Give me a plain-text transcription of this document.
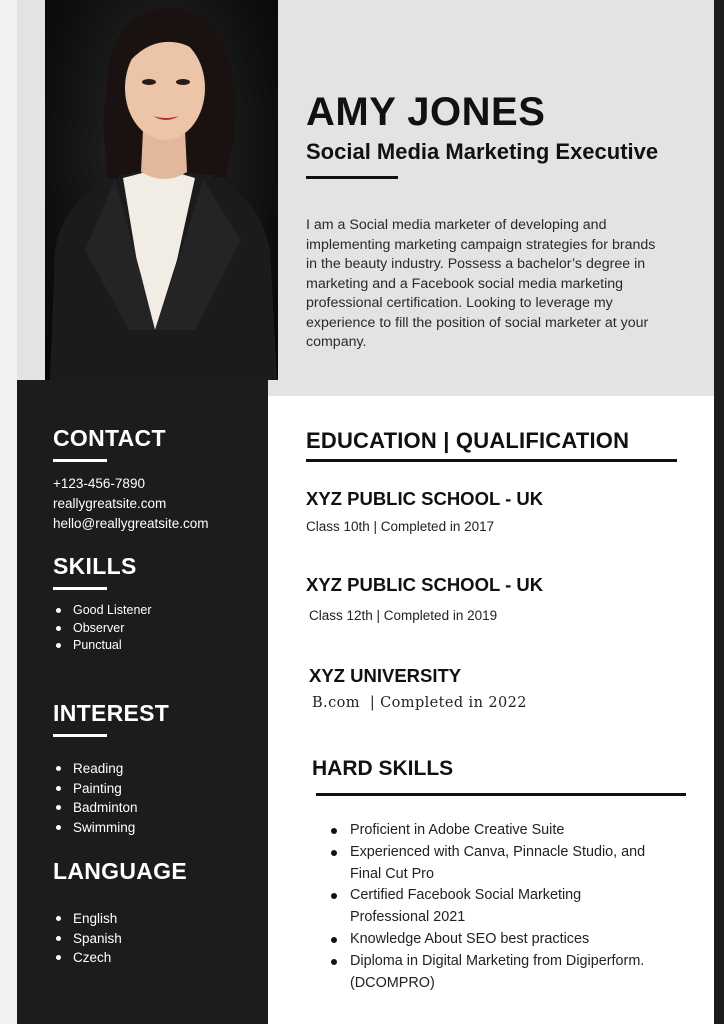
AMY JONES
Social Media Marketing Executive

I am a Social media marketer of developing and implementing marketing campaign strategies for brands in the beauty industry. Possess a bachelor’s degree in marketing and a Facebook social media marketing professional certification. Looking to leverage my experience to fill the position of social marketer at your company.

CONTACT

+123-456-7890

reallygreatsite.com

hello@reallygreatsite.com

SKILLS
Good Listener
Observer
Punctual
INTEREST
Reading
Painting
Badminton
Swimming
LANGUAGE
English
Spanish
Czech
EDUCATION | QUALIFICATION

XYZ PUBLIC SCHOOL - UK

Class 10th | Completed in 2017

XYZ PUBLIC SCHOOL - UK

Class 12th | Completed in 2019

XYZ UNIVERSITY

B.com  | Completed in 2022

HARD SKILLS
Proficient in Adobe Creative Suite
Experienced with Canva, Pinnacle Studio, and Final Cut Pro
Certified Facebook Social Marketing Professional 2021
Knowledge About SEO best practices
Diploma in Digital Marketing from Digiperform. (DCOMPRO)
